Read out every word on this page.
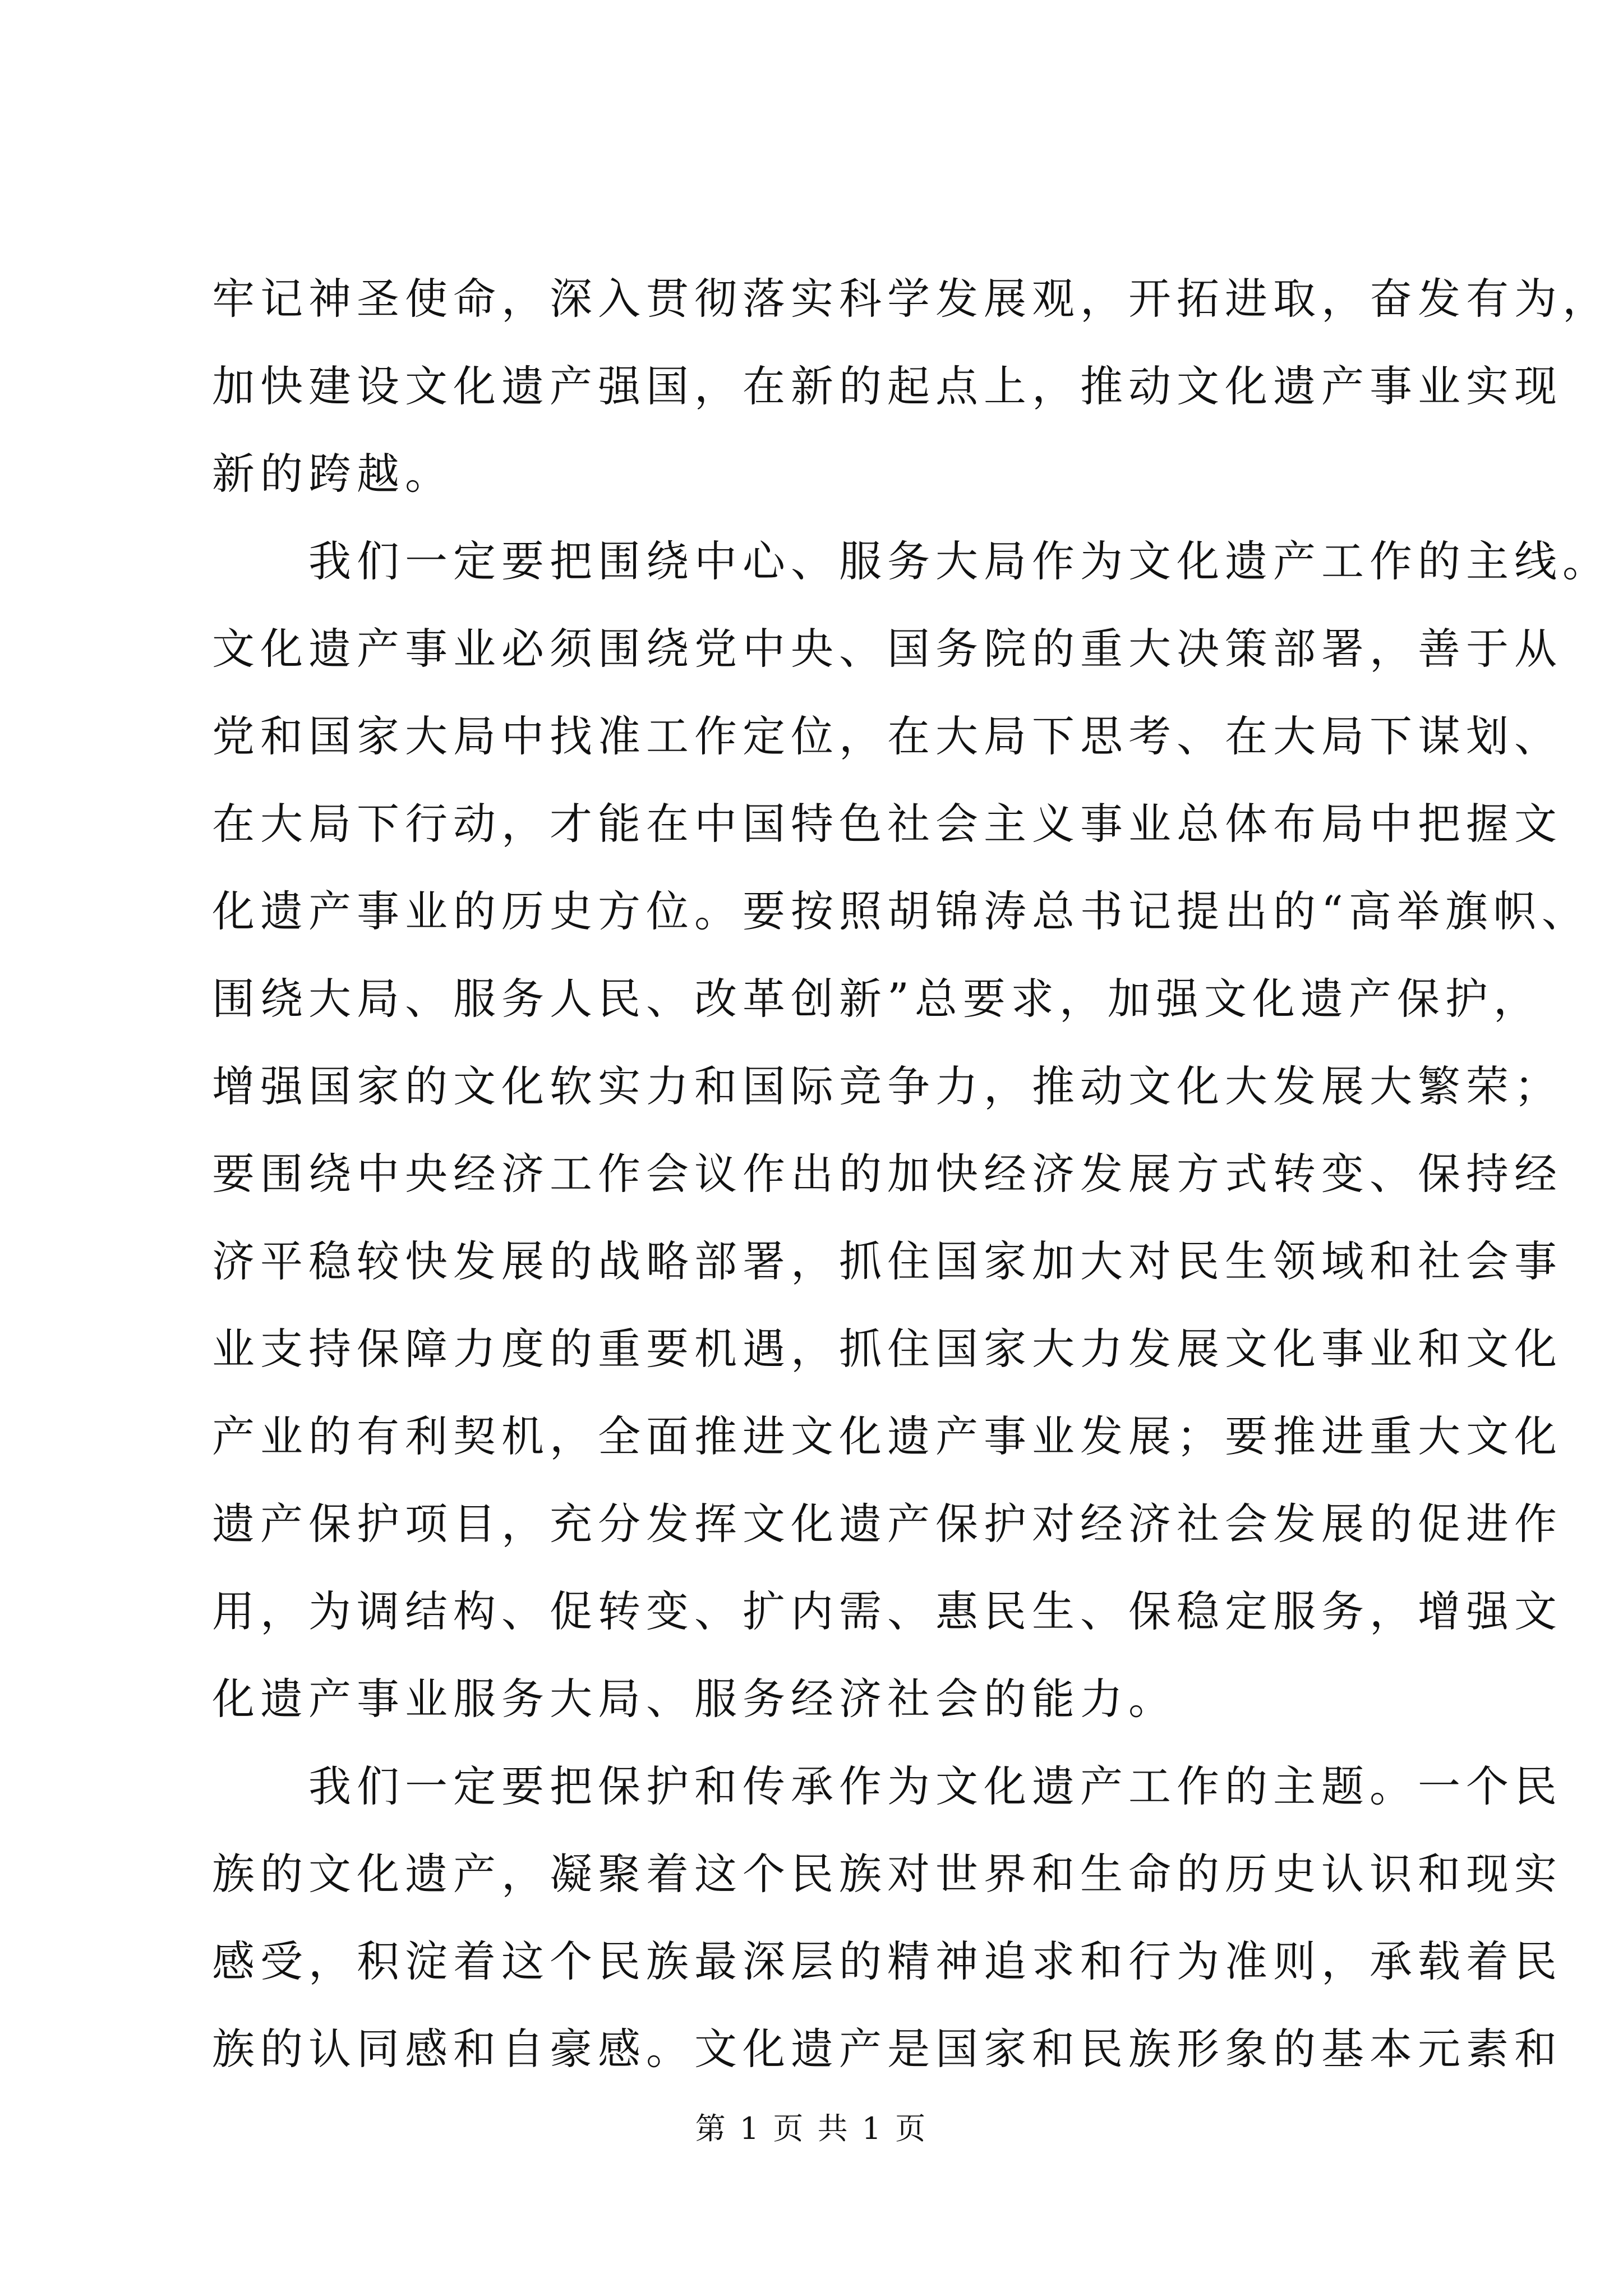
牢记神圣使命，深入贯彻落实科学发展观，开拓进取，奋发有为，
加快建设文化遗产强国，在新的起点上，推动文化遗产事业实现
新的跨越。
　　我们一定要把围绕中心、服务大局作为文化遗产工作的主线。
文化遗产事业必须围绕党中央、国务院的重大决策部署，善于从
党和国家大局中找准工作定位，在大局下思考、在大局下谋划、
在大局下行动，才能在中国特色社会主义事业总体布局中把握文
化遗产事业的历史方位。要按照胡锦涛总书记提出的“高举旗帜、
围绕大局、服务人民、改革创新”总要求，加强文化遗产保护，
增强国家的文化软实力和国际竞争力，推动文化大发展大繁荣；
要围绕中央经济工作会议作出的加快经济发展方式转变、保持经
济平稳较快发展的战略部署，抓住国家加大对民生领域和社会事
业支持保障力度的重要机遇，抓住国家大力发展文化事业和文化
产业的有利契机，全面推进文化遗产事业发展；要推进重大文化
遗产保护项目，充分发挥文化遗产保护对经济社会发展的促进作
用，为调结构、促转变、扩内需、惠民生、保稳定服务，增强文
化遗产事业服务大局、服务经济社会的能力。
　　我们一定要把保护和传承作为文化遗产工作的主题。一个民
族的文化遗产，凝聚着这个民族对世界和生命的历史认识和现实
感受，积淀着这个民族最深层的精神追求和行为准则，承载着民
族的认同感和自豪感。文化遗产是国家和民族形象的基本元素和
第 1 页 共 1 页
